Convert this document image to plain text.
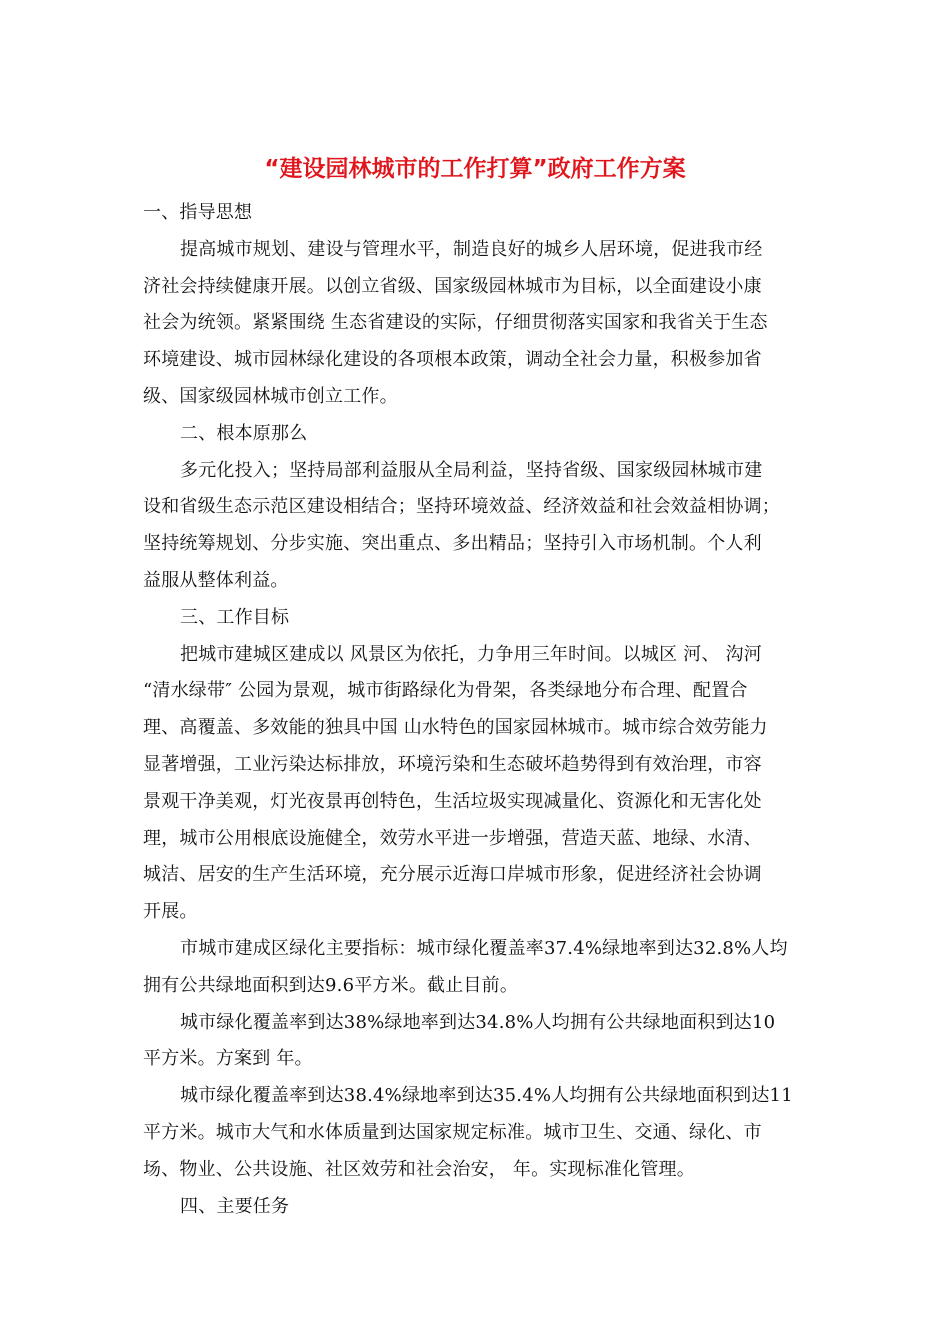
“建设园林城市的工作打算”政府工作方案

一、指导思想

提高城市规划、建设与管理水平，制造良好的城乡人居环境，促进我市经
济社会持续健康开展。以创立省级、国家级园林城市为目标，以全面建设小康
社会为统领。紧紧围绕 生态省建设的实际，仔细贯彻落实国家和我省关于生态
环境建设、城市园林绿化建设的各项根本政策，调动全社会力量，积极参加省
级、国家级园林城市创立工作。

二、根本原那么

多元化投入；坚持局部利益服从全局利益，坚持省级、国家级园林城市建
设和省级生态示范区建设相结合；坚持环境效益、经济效益和社会效益相协调；
坚持统筹规划、分步实施、突出重点、多出精品；坚持引入市场机制。个人利
益服从整体利益。

三、工作目标

把城市建城区建成以 风景区为依托，力争用三年时间。以城区 河、 沟河
“清水绿带″ 公园为景观，城市街路绿化为骨架，各类绿地分布合理、配置合
理、高覆盖、多效能的独具中国 山水特色的国家园林城市。城市综合效劳能力
显著增强，工业污染达标排放，环境污染和生态破坏趋势得到有效治理，市容
景观干净美观，灯光夜景再创特色，生活垃圾实现减量化、资源化和无害化处
理，城市公用根底设施健全，效劳水平进一步增强，营造天蓝、地绿、水清、
城洁、居安的生产生活环境，充分展示近海口岸城市形象，促进经济社会协调
开展。

市城市建成区绿化主要指标：城市绿化覆盖率37.4%绿地率到达32.8%人均
拥有公共绿地面积到达9.6平方米。截止目前。

城市绿化覆盖率到达38%绿地率到达34.8%人均拥有公共绿地面积到达10
平方米。方案到 年。

城市绿化覆盖率到达38.4%绿地率到达35.4%人均拥有公共绿地面积到达11
平方米。城市大气和水体质量到达国家规定标准。城市卫生、交通、绿化、市
场、物业、公共设施、社区效劳和社会治安， 年。实现标准化管理。

四、主要任务
